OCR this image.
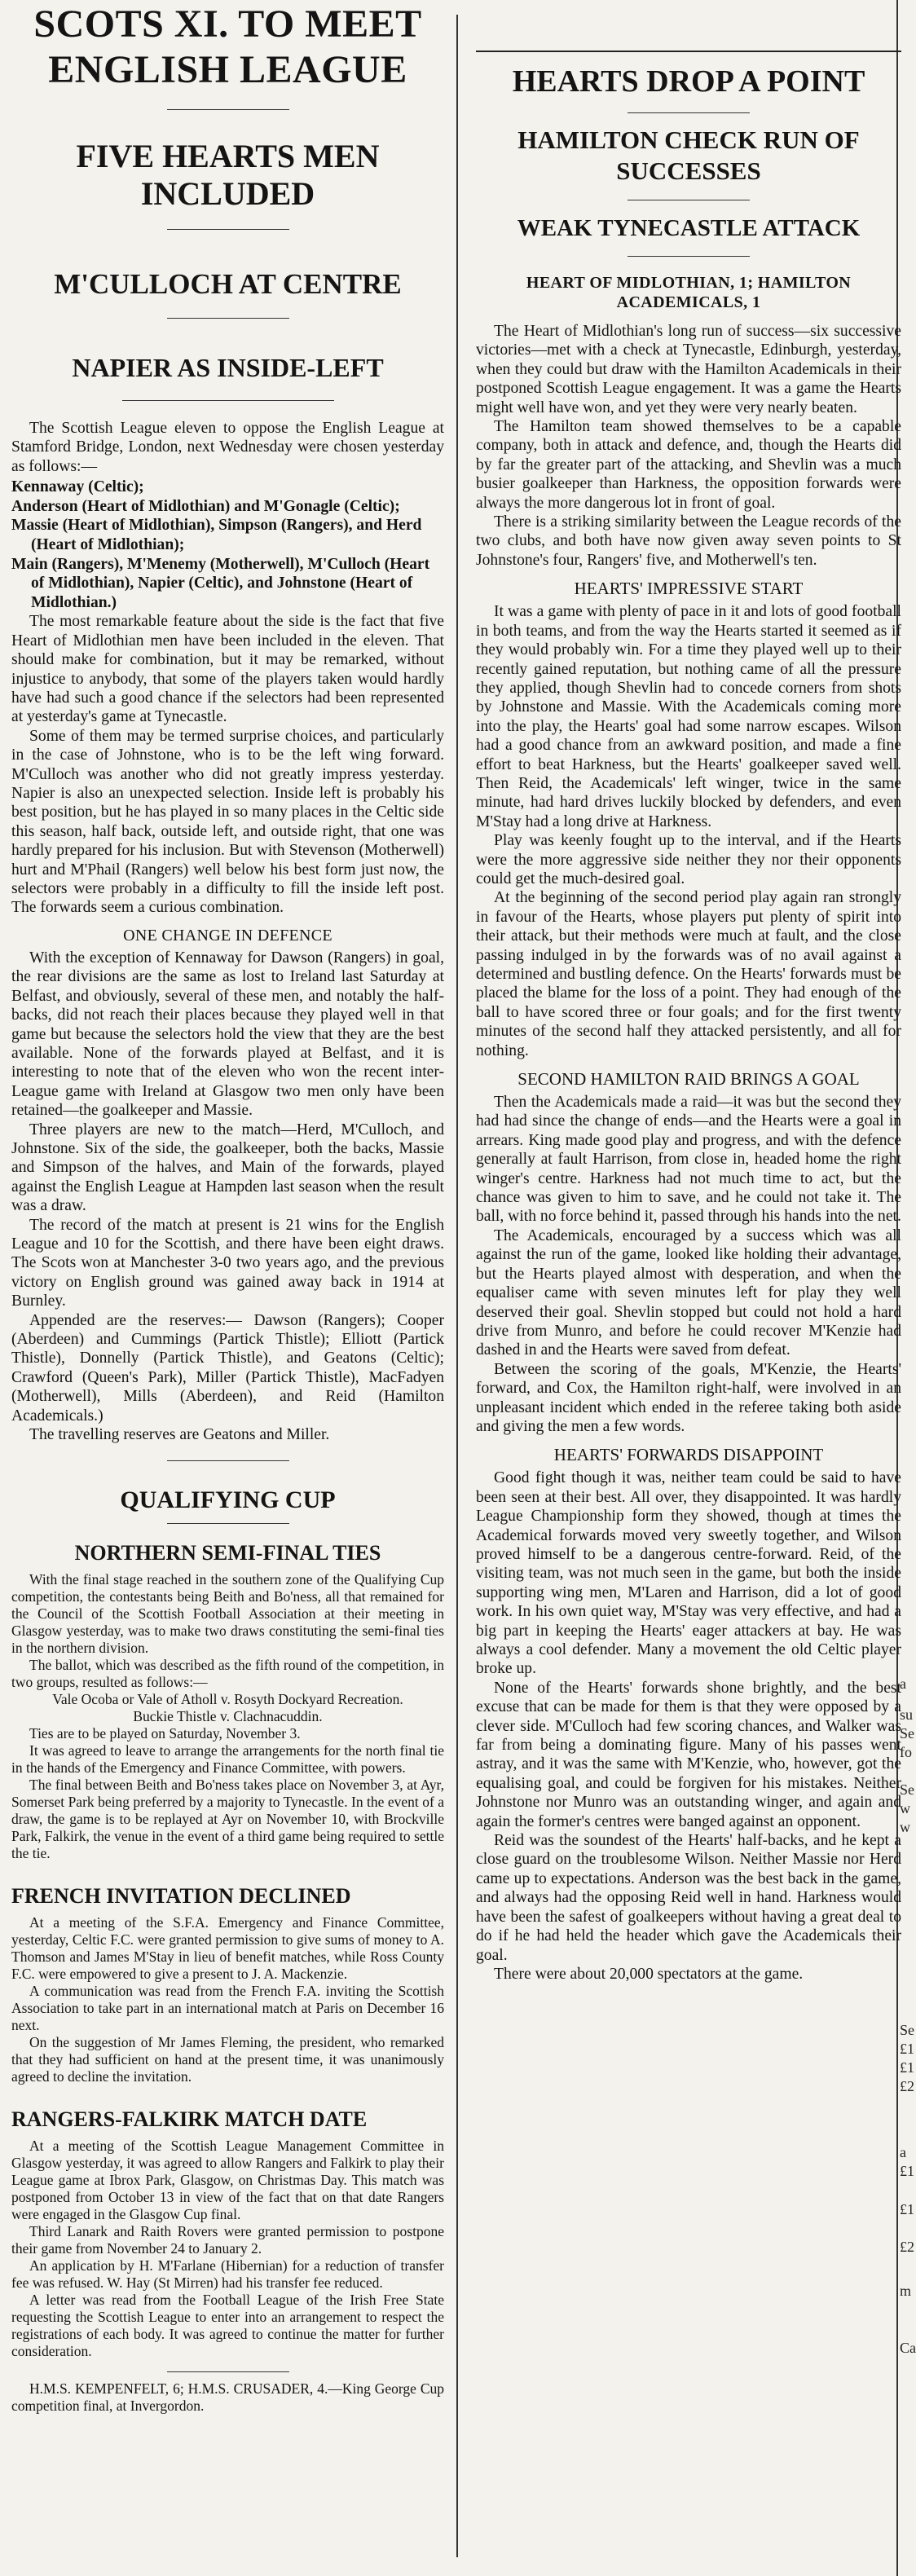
SCOTS XI. TO MEET ENGLISH LEAGUE
FIVE HEARTS MEN INCLUDED
M'CULLOCH AT CENTRE
NAPIER AS INSIDE-LEFT

The Scottish League eleven to oppose the English League at Stamford Bridge, London, next Wednesday were chosen yesterday as follows:—

Kennaway (Celtic);
Anderson (Heart of Midlothian) and M'Gonagle (Celtic);
Massie (Heart of Midlothian), Simpson (Rangers), and Herd (Heart of Midlothian);
Main (Rangers), M'Menemy (Motherwell), M'Culloch (Heart of Midlothian), Napier (Celtic), and Johnstone (Heart of Midlothian.)

The most remarkable feature about the side is the fact that five Heart of Midlothian men have been included in the eleven. That should make for combination, but it may be remarked, without injustice to anybody, that some of the players taken would hardly have had such a good chance if the selectors had been represented at yesterday's game at Tynecastle.

Some of them may be termed surprise choices, and particularly in the case of Johnstone, who is to be the left wing forward. M'Culloch was another who did not greatly impress yesterday. Napier is also an unexpected selection. Inside left is probably his best position, but he has played in so many places in the Celtic side this season, half back, outside left, and outside right, that one was hardly prepared for his inclusion. But with Stevenson (Motherwell) hurt and M'Phail (Rangers) well below his best form just now, the selectors were probably in a difficulty to fill the inside left post. The forwards seem a curious combination.

ONE CHANGE IN DEFENCE

With the exception of Kennaway for Dawson (Rangers) in goal, the rear divisions are the same as lost to Ireland last Saturday at Belfast, and obviously, several of these men, and notably the half-backs, did not reach their places because they played well in that game but because the selectors hold the view that they are the best available. None of the forwards played at Belfast, and it is interesting to note that of the eleven who won the recent inter-League game with Ireland at Glasgow two men only have been retained—the goalkeeper and Massie.

Three players are new to the match—Herd, M'Culloch, and Johnstone. Six of the side, the goalkeeper, both the backs, Massie and Simpson of the halves, and Main of the forwards, played against the English League at Hampden last season when the result was a draw.

The record of the match at present is 21 wins for the English League and 10 for the Scottish, and there have been eight draws. The Scots won at Manchester 3-0 two years ago, and the previous victory on English ground was gained away back in 1914 at Burnley.

Appended are the reserves:— Dawson (Rangers); Cooper (Aberdeen) and Cummings (Partick Thistle); Elliott (Partick Thistle), Donnelly (Partick Thistle), and Geatons (Celtic); Crawford (Queen's Park), Miller (Partick Thistle), MacFadyen (Motherwell), Mills (Aberdeen), and Reid (Hamilton Academicals.)

The travelling reserves are Geatons and Miller.

QUALIFYING CUP
NORTHERN SEMI-FINAL TIES

With the final stage reached in the southern zone of the Qualifying Cup competition, the contestants being Beith and Bo'ness, all that remained for the Council of the Scottish Football Association at their meeting in Glasgow yesterday, was to make two draws constituting the semi-final ties in the northern division.

The ballot, which was described as the fifth round of the competition, in two groups, resulted as follows:—

Vale Ocoba or Vale of Atholl v. Rosyth Dockyard Recreation.

Buckie Thistle v. Clachnacuddin.

Ties are to be played on Saturday, November 3.

It was agreed to leave to arrange the arrangements for the north final tie in the hands of the Emergency and Finance Committee, with powers.

The final between Beith and Bo'ness takes place on November 3, at Ayr, Somerset Park being preferred by a majority to Tynecastle. In the event of a draw, the game is to be replayed at Ayr on November 10, with Brockville Park, Falkirk, the venue in the event of a third game being required to settle the tie.

FRENCH INVITATION DECLINED

At a meeting of the S.F.A. Emergency and Finance Committee, yesterday, Celtic F.C. were granted permission to give sums of money to A. Thomson and James M'Stay in lieu of benefit matches, while Ross County F.C. were empowered to give a present to J. A. Mackenzie.

A communication was read from the French F.A. inviting the Scottish Association to take part in an international match at Paris on December 16 next.

On the suggestion of Mr James Fleming, the president, who remarked that they had sufficient on hand at the present time, it was unanimously agreed to decline the invitation.

RANGERS-FALKIRK MATCH DATE

At a meeting of the Scottish League Management Committee in Glasgow yesterday, it was agreed to allow Rangers and Falkirk to play their League game at Ibrox Park, Glasgow, on Christmas Day. This match was postponed from October 13 in view of the fact that on that date Rangers were engaged in the Glasgow Cup final.

Third Lanark and Raith Rovers were granted permission to postpone their game from November 24 to January 2.

An application by H. M'Farlane (Hibernian) for a reduction of transfer fee was refused. W. Hay (St Mirren) had his transfer fee reduced.

A letter was read from the Football League of the Irish Free State requesting the Scottish League to enter into an arrangement to respect the registrations of each body. It was agreed to continue the matter for further consideration.

H.M.S. KEMPENFELT, 6; H.M.S. CRUSADER, 4.—King George Cup competition final, at Invergordon.

HEARTS DROP A POINT
HAMILTON CHECK RUN OF SUCCESSES
WEAK TYNECASTLE ATTACK
HEART OF MIDLOTHIAN, 1; HAMILTON ACADEMICALS, 1

The Heart of Midlothian's long run of success—six successive victories—met with a check at Tynecastle, Edinburgh, yesterday, when they could but draw with the Hamilton Academicals in their postponed Scottish League engagement. It was a game the Hearts might well have won, and yet they were very nearly beaten.

The Hamilton team showed themselves to be a capable company, both in attack and defence, and, though the Hearts did by far the greater part of the attacking, and Shevlin was a much busier goalkeeper than Harkness, the opposition forwards were always the more dangerous lot in front of goal.

There is a striking similarity between the League records of the two clubs, and both have now given away seven points to St Johnstone's four, Rangers' five, and Motherwell's ten.

HEARTS' IMPRESSIVE START

It was a game with plenty of pace in it and lots of good football in both teams, and from the way the Hearts started it seemed as if they would probably win. For a time they played well up to their recently gained reputation, but nothing came of all the pressure they applied, though Shevlin had to concede corners from shots by Johnstone and Massie. With the Academicals coming more into the play, the Hearts' goal had some narrow escapes. Wilson had a good chance from an awkward position, and made a fine effort to beat Harkness, but the Hearts' goalkeeper saved well. Then Reid, the Academicals' left winger, twice in the same minute, had hard drives luckily blocked by defenders, and even M'Stay had a long drive at Harkness.

Play was keenly fought up to the interval, and if the Hearts were the more aggressive side neither they nor their opponents could get the much-desired goal.

At the beginning of the second period play again ran strongly in favour of the Hearts, whose players put plenty of spirit into their attack, but their methods were much at fault, and the close passing indulged in by the forwards was of no avail against a determined and bustling defence. On the Hearts' forwards must be placed the blame for the loss of a point. They had enough of the ball to have scored three or four goals; and for the first twenty minutes of the second half they attacked persistently, and all for nothing.

SECOND HAMILTON RAID BRINGS A GOAL

Then the Academicals made a raid—it was but the second they had had since the change of ends—and the Hearts were a goal in arrears. King made good play and progress, and with the defence generally at fault Harrison, from close in, headed home the right winger's centre. Harkness had not much time to act, but the chance was given to him to save, and he could not take it. The ball, with no force behind it, passed through his hands into the net.

The Academicals, encouraged by a success which was all against the run of the game, looked like holding their advantage, but the Hearts played almost with desperation, and when the equaliser came with seven minutes left for play they well deserved their goal. Shevlin stopped but could not hold a hard drive from Munro, and before he could recover M'Kenzie had dashed in and the Hearts were saved from defeat.

Between the scoring of the goals, M'Kenzie, the Hearts' forward, and Cox, the Hamilton right-half, were involved in an unpleasant incident which ended in the referee taking both aside and giving the men a few words.

HEARTS' FORWARDS DISAPPOINT

Good fight though it was, neither team could be said to have been seen at their best. All over, they disappointed. It was hardly League Championship form they showed, though at times the Academical forwards moved very sweetly together, and Wilson proved himself to be a dangerous centre-forward. Reid, of the visiting team, was not much seen in the game, but both the inside supporting wing men, M'Laren and Harrison, did a lot of good work. In his own quiet way, M'Stay was very effective, and had a big part in keeping the Hearts' eager attackers at bay. He was always a cool defender. Many a movement the old Celtic player broke up.

None of the Hearts' forwards shone brightly, and the best excuse that can be made for them is that they were opposed by a clever side. M'Culloch had few scoring chances, and Walker was far from being a dominating figure. Many of his passes went astray, and it was the same with M'Kenzie, who, however, got the equalising goal, and could be forgiven for his mistakes. Neither Johnstone nor Munro was an outstanding winger, and again and again the former's centres were banged against an opponent.

Reid was the soundest of the Hearts' half-backs, and he kept a close guard on the troublesome Wilson. Neither Massie nor Herd came up to expectations. Anderson was the best back in the game, and always had the opposing Reid well in hand. Harkness would have been the safest of goalkeepers without having a great deal to do if he had held the header which gave the Academicals their goal.

There were about 20,000 spectators at the game.

a
su
Se
fo
Se
w
w
Se
£1
£1
£2
a
£1
£1
£2
m
Ca
